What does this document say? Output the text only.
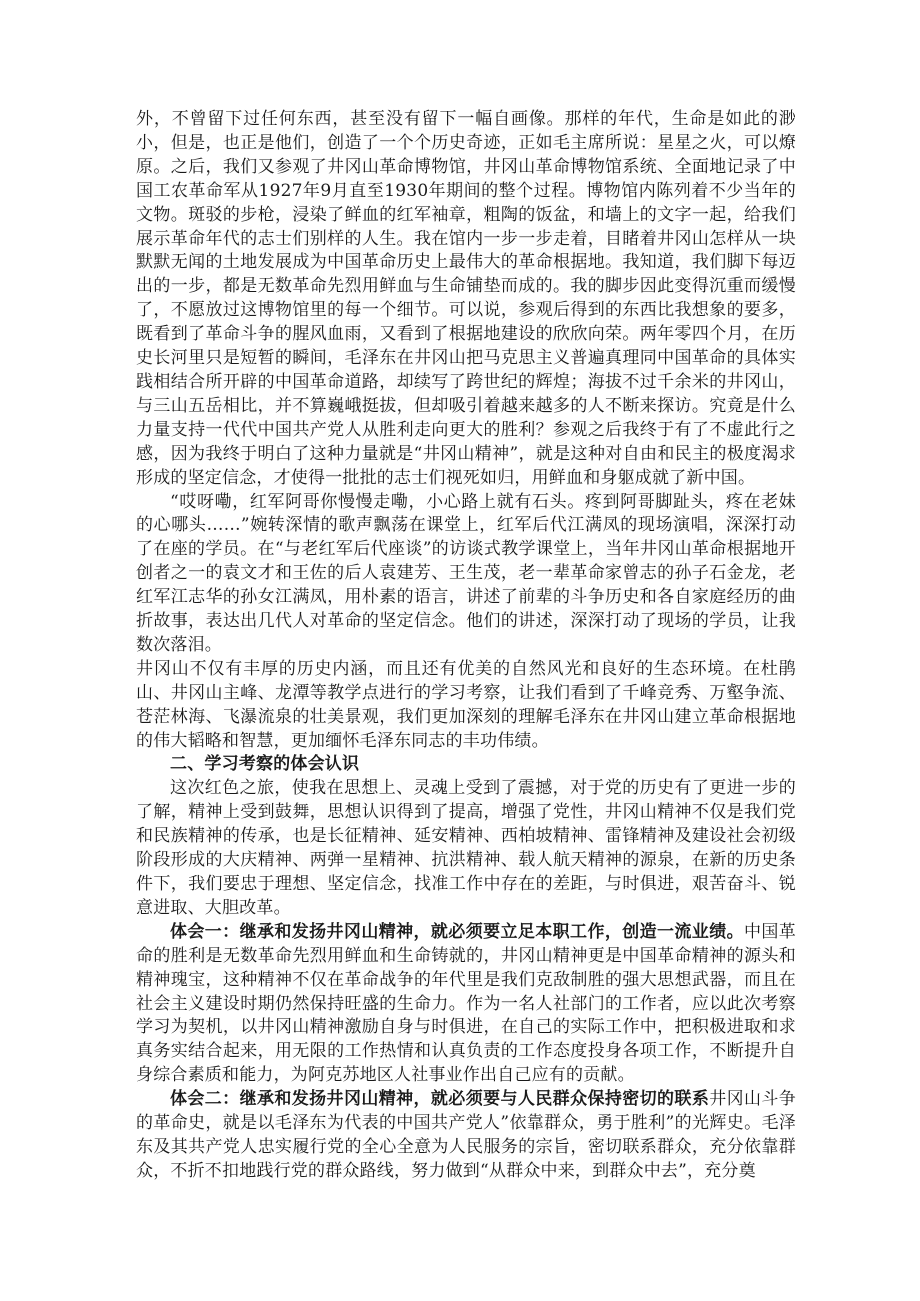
外，不曾留下过任何东西，甚至没有留下一幅自画像。那样的年代，生命是如此的渺小，但是，也正是他们，创造了一个个历史奇迹，正如毛主席所说：星星之火，可以燎原。之后，我们又参观了井冈山革命博物馆，井冈山革命博物馆系统、全面地记录了中国工农革命军从1927年9月直至1930年期间的整个过程。博物馆内陈列着不少当年的文物。斑驳的步枪，浸染了鲜血的红军袖章，粗陶的饭盆，和墙上的文字一起，给我们展示革命年代的志士们别样的人生。我在馆内一步一步走着，目睹着井冈山怎样从一块默默无闻的土地发展成为中国革命历史上最伟大的革命根据地。我知道，我们脚下每迈出的一步，都是无数革命先烈用鲜血与生命铺垫而成的。我的脚步因此变得沉重而缓慢了，不愿放过这博物馆里的每一个细节。可以说，参观后得到的东西比我想象的要多，既看到了革命斗争的腥风血雨，又看到了根据地建设的欣欣向荣。两年零四个月，在历史长河里只是短暂的瞬间，毛泽东在井冈山把马克思主义普遍真理同中国革命的具体实践相结合所开辟的中国革命道路，却续写了跨世纪的辉煌；海拔不过千余米的井冈山，与三山五岳相比，并不算巍峨挺拔，但却吸引着越来越多的人不断来探访。究竟是什么力量支持一代代中国共产党人从胜利走向更大的胜利？参观之后我终于有了不虚此行之感，因为我终于明白了这种力量就是“井冈山精神”，就是这种对自由和民主的极度渴求形成的坚定信念，才使得一批批的志士们视死如归，用鲜血和身躯成就了新中国。

“哎呀嘞，红军阿哥你慢慢走嘞，小心路上就有石头。疼到阿哥脚趾头，疼在老妹的心哪头……”婉转深情的歌声飘荡在课堂上，红军后代江满凤的现场演唱，深深打动了在座的学员。在“与老红军后代座谈”的访谈式教学课堂上，当年井冈山革命根据地开创者之一的袁文才和王佐的后人袁建芳、王生茂，老一辈革命家曾志的孙子石金龙，老红军江志华的孙女江满凤，用朴素的语言，讲述了前辈的斗争历史和各自家庭经历的曲折故事，表达出几代人对革命的坚定信念。他们的讲述，深深打动了现场的学员，让我数次落泪。

井冈山不仅有丰厚的历史内涵，而且还有优美的自然风光和良好的生态环境。在杜鹃山、井冈山主峰、龙潭等教学点进行的学习考察，让我们看到了千峰竞秀、万壑争流、苍茫林海、飞瀑流泉的壮美景观，我们更加深刻的理解毛泽东在井冈山建立革命根据地的伟大韬略和智慧，更加缅怀毛泽东同志的丰功伟绩。

二、学习考察的体会认识

这次红色之旅，使我在思想上、灵魂上受到了震撼，对于党的历史有了更进一步的了解，精神上受到鼓舞，思想认识得到了提高，增强了党性，井冈山精神不仅是我们党和民族精神的传承，也是长征精神、延安精神、西柏坡精神、雷锋精神及建设社会初级阶段形成的大庆精神、两弹一星精神、抗洪精神、载人航天精神的源泉，在新的历史条件下，我们要忠于理想、坚定信念，找准工作中存在的差距，与时俱进，艰苦奋斗、锐意进取、大胆改革。

体会一：继承和发扬井冈山精神，就必须要立足本职工作，创造一流业绩。中国革命的胜利是无数革命先烈用鲜血和生命铸就的，井冈山精神更是中国革命精神的源头和精神瑰宝，这种精神不仅在革命战争的年代里是我们克敌制胜的强大思想武器，而且在社会主义建设时期仍然保持旺盛的生命力。作为一名人社部门的工作者，应以此次考察学习为契机，以井冈山精神激励自身与时俱进，在自己的实际工作中，把积极进取和求真务实结合起来，用无限的工作热情和认真负责的工作态度投身各项工作，不断提升自身综合素质和能力，为阿克苏地区人社事业作出自己应有的贡献。

体会二：继承和发扬井冈山精神，就必须要与人民群众保持密切的联系井冈山斗争的革命史，就是以毛泽东为代表的中国共产党人”依靠群众，勇于胜利”的光辉史。毛泽东及其共产党人忠实履行党的全心全意为人民服务的宗旨，密切联系群众，充分依靠群众，不折不扣地践行党的群众路线，努力做到“从群众中来，到群众中去”，充分奠
